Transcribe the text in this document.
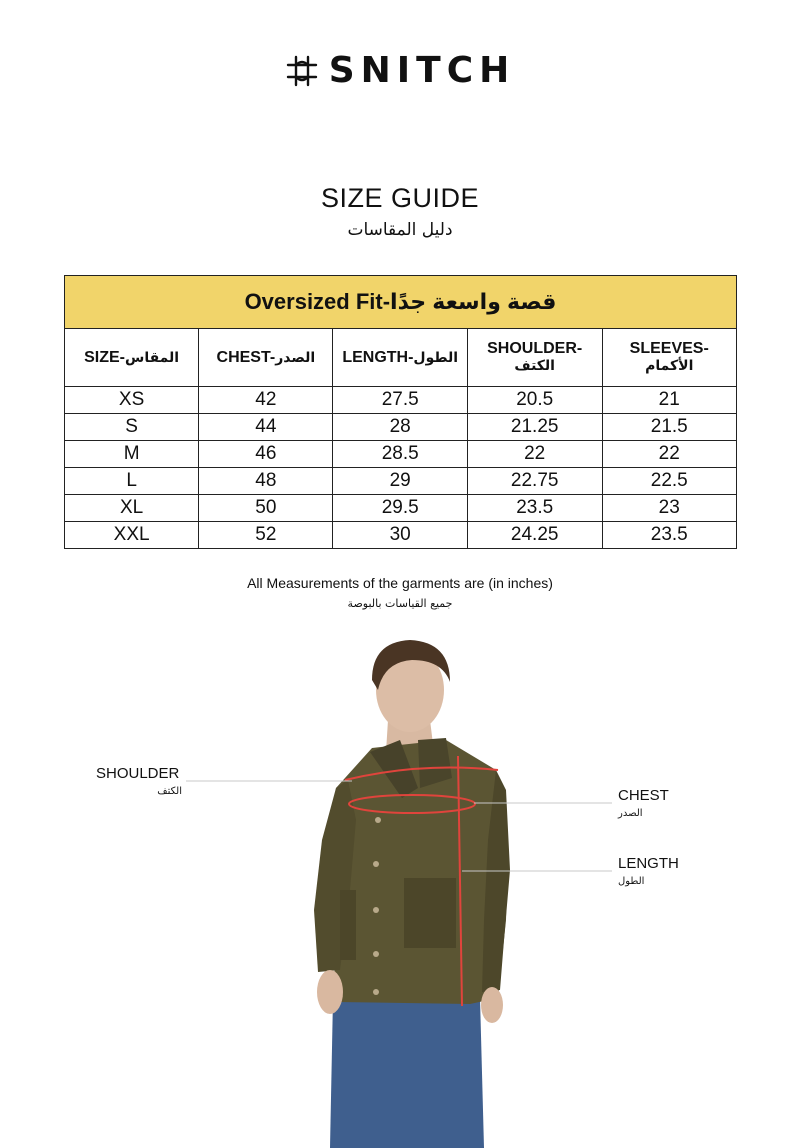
SNITCH
SIZE GUIDE
دليل المقاسات
Oversized Fit-قصة واسعة جدًا				
SIZE-المقاس	CHEST-الصدر	LENGTH-الطول	SHOULDER-
الكتف	SLEEVES-
الأكمام
XS	42	27.5	20.5	21
S	44	28	21.25	21.5
M	46	28.5	22	22
L	48	29	22.75	22.5
XL	50	29.5	23.5	23
XXL	52	30	24.25	23.5
All Measurements of the garments are (in inches)
جميع القياسات بالبوصة
SHOULDER
الكتف	CHEST
الصدر
LENGTH
الطول
